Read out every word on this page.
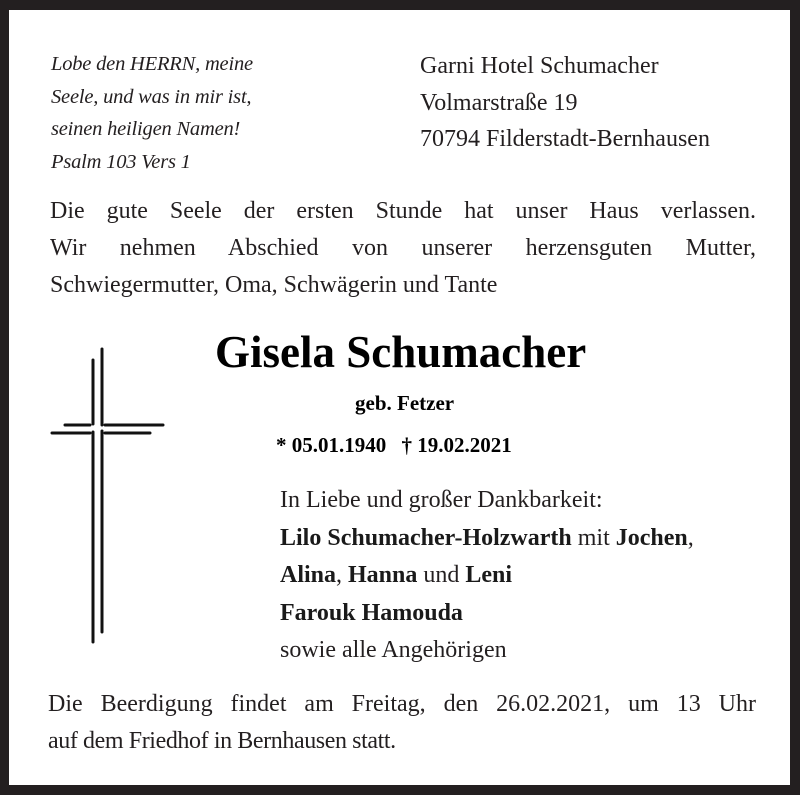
Lobe den HERRN, meine
Seele, und was in mir ist,
seinen heiligen Namen!
Psalm 103 Vers 1
Garni Hotel Schumacher
Volmarstraße 19
70794 Filderstadt-Bernhausen
Die gute Seele der ersten Stunde hat unser Haus verlassen.
Wir nehmen Abschied von unserer herzensguten Mutter,
Schwiegermutter, Oma, Schwägerin und Tante
Gisela Schumacher
geb. Fetzer
* 05.01.1940 † 19.02.2021
In Liebe und großer Dankbarkeit:
Lilo Schumacher-Holzwarth mit Jochen,
Alina, Hanna und Leni
Farouk Hamouda
sowie alle Angehörigen
Die Beerdigung findet am Freitag, den 26.02.2021, um 13 Uhr
auf dem Friedhof in Bernhausen statt.
